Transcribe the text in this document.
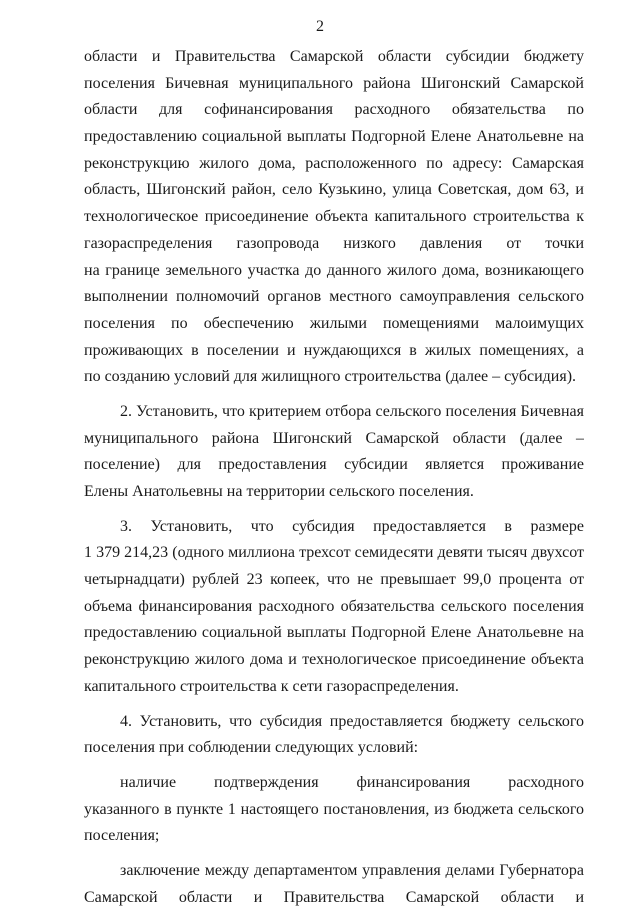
2

области и Правительства Самарской области субсидии бюджету
поселения Бичевная муниципального района Шигонский Самарской
области для софинансирования расходного обязательства по
предоставлению социальной выплаты Подгорной Елене Анатольевне на
реконструкцию жилого дома, расположенного по адресу: Самарская
область, Шигонский район, село Кузькино, улица Советская, дом 63, и
технологическое присоединение объекта капитального строительства к
газораспределения газопровода низкого давления от точки
на границе земельного участка до данного жилого дома, возникающего
выполнении полномочий органов местного самоуправления сельского
поселения по обеспечению жилыми помещениями малоимущих
проживающих в поселении и нуждающихся в жилых помещениях, а
по созданию условий для жилищного строительства (далее – субсидия).

2. Установить, что критерием отбора сельского поселения Бичевная
муниципального района Шигонский Самарской области (далее –
поселение) для предоставления субсидии является проживание
Елены Анатольевны на территории сельского поселения.

3. Установить, что субсидия предоставляется в размере
1 379 214,23 (одного миллиона трехсот семидесяти девяти тысяч двухсот
четырнадцати) рублей 23 копеек, что не превышает 99,0 процента от
объема финансирования расходного обязательства сельского поселения
предоставлению социальной выплаты Подгорной Елене Анатольевне на
реконструкцию жилого дома и технологическое присоединение объекта
капитального строительства к сети газораспределения.

4. Установить, что субсидия предоставляется бюджету сельского
поселения при соблюдении следующих условий:

наличие подтверждения финансирования расходного
указанного в пункте 1 настоящего постановления, из бюджета сельского
поселения;

заключение между департаментом управления делами Губернатора
Самарской области и Правительства Самарской области и
